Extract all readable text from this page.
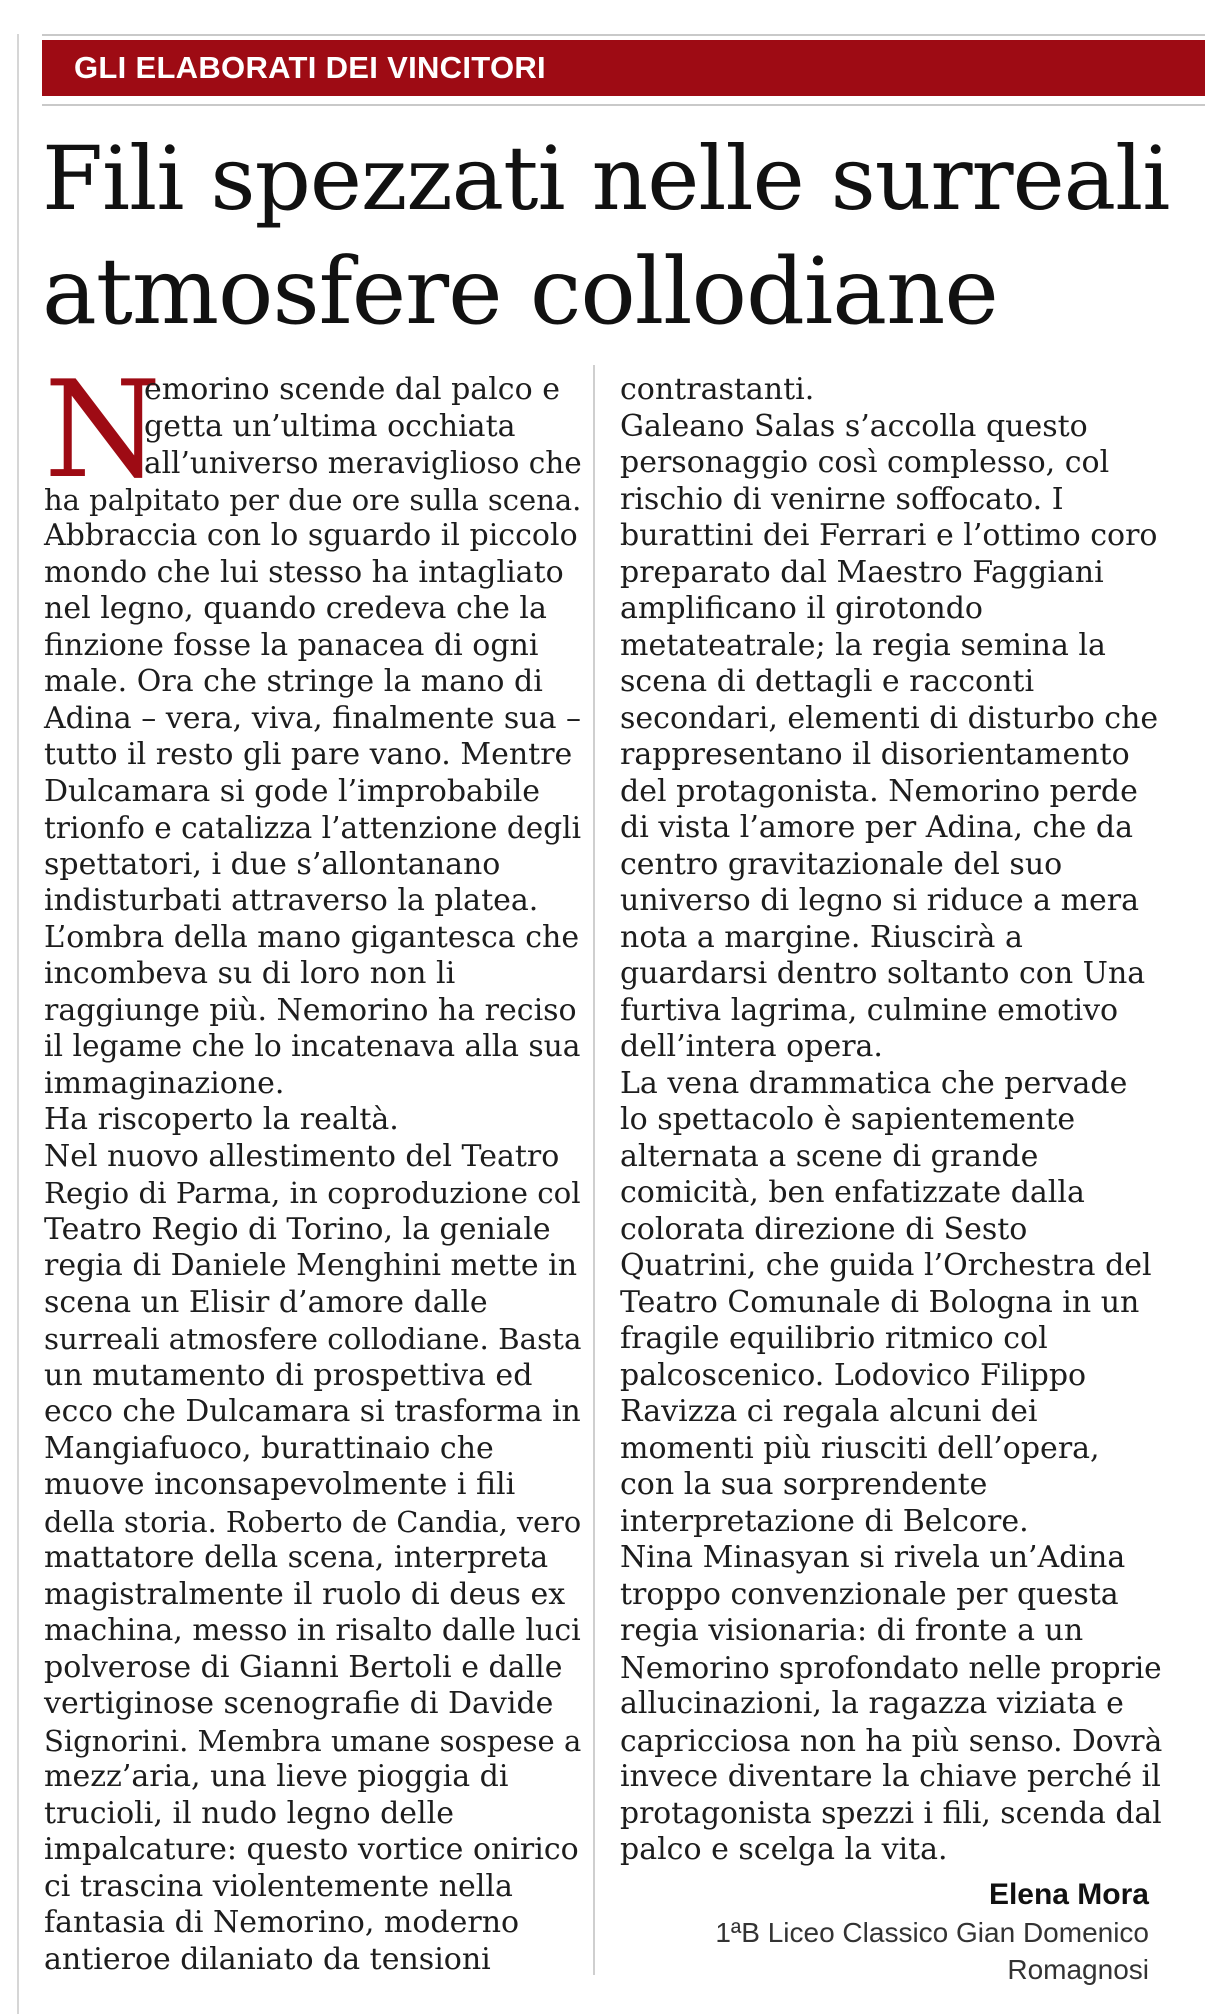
GLI ELABORATI DEI VINCITORI
Fili spezzati nelle surreali
atmosfere collodiane
N
emorino scende dal palco e
getta un’ultima occhiata
all’universo meraviglioso che
ha palpitato per due ore sulla scena.
Abbraccia con lo sguardo il piccolo
mondo che lui stesso ha intagliato
nel legno, quando credeva che la
finzione fosse la panacea di ogni
male. Ora che stringe la mano di
Adina – vera, viva, finalmente sua –
tutto il resto gli pare vano. Mentre
Dulcamara si gode l’improbabile
trionfo e catalizza l’attenzione degli
spettatori, i due s’allontanano
indisturbati attraverso la platea.
L’ombra della mano gigantesca che
incombeva su di loro non li
raggiunge più. Nemorino ha reciso
il legame che lo incatenava alla sua
immaginazione.
Ha riscoperto la realtà.
Nel nuovo allestimento del Teatro
Regio di Parma, in coproduzione col
Teatro Regio di Torino, la geniale
regia di Daniele Menghini mette in
scena un Elisir d’amore dalle
surreali atmosfere collodiane. Basta
un mutamento di prospettiva ed
ecco che Dulcamara si trasforma in
Mangiafuoco, burattinaio che
muove inconsapevolmente i fili
della storia. Roberto de Candia, vero
mattatore della scena, interpreta
magistralmente il ruolo di deus ex
machina, messo in risalto dalle luci
polverose di Gianni Bertoli e dalle
vertiginose scenografie di Davide
Signorini. Membra umane sospese a
mezz’aria, una lieve pioggia di
trucioli, il nudo legno delle
impalcature: questo vortice onirico
ci trascina violentemente nella
fantasia di Nemorino, moderno
antieroe dilaniato da tensioni
contrastanti.
Galeano Salas s’accolla questo
personaggio così complesso, col
rischio di venirne soffocato. I
burattini dei Ferrari e l’ottimo coro
preparato dal Maestro Faggiani
amplificano il girotondo
metateatrale; la regia semina la
scena di dettagli e racconti
secondari, elementi di disturbo che
rappresentano il disorientamento
del protagonista. Nemorino perde
di vista l’amore per Adina, che da
centro gravitazionale del suo
universo di legno si riduce a mera
nota a margine. Riuscirà a
guardarsi dentro soltanto con Una
furtiva lagrima, culmine emotivo
dell’intera opera.
La vena drammatica che pervade
lo spettacolo è sapientemente
alternata a scene di grande
comicità, ben enfatizzate dalla
colorata direzione di Sesto
Quatrini, che guida l’Orchestra del
Teatro Comunale di Bologna in un
fragile equilibrio ritmico col
palcoscenico. Lodovico Filippo
Ravizza ci regala alcuni dei
momenti più riusciti dell’opera,
con la sua sorprendente
interpretazione di Belcore.
Nina Minasyan si rivela un’Adina
troppo convenzionale per questa
regia visionaria: di fronte a un
Nemorino sprofondato nelle proprie
allucinazioni, la ragazza viziata e
capricciosa non ha più senso. Dovrà
invece diventare la chiave perché il
protagonista spezzi i fili, scenda dal
palco e scelga la vita.
Elena Mora
1ªB Liceo Classico Gian Domenico
Romagnosi
